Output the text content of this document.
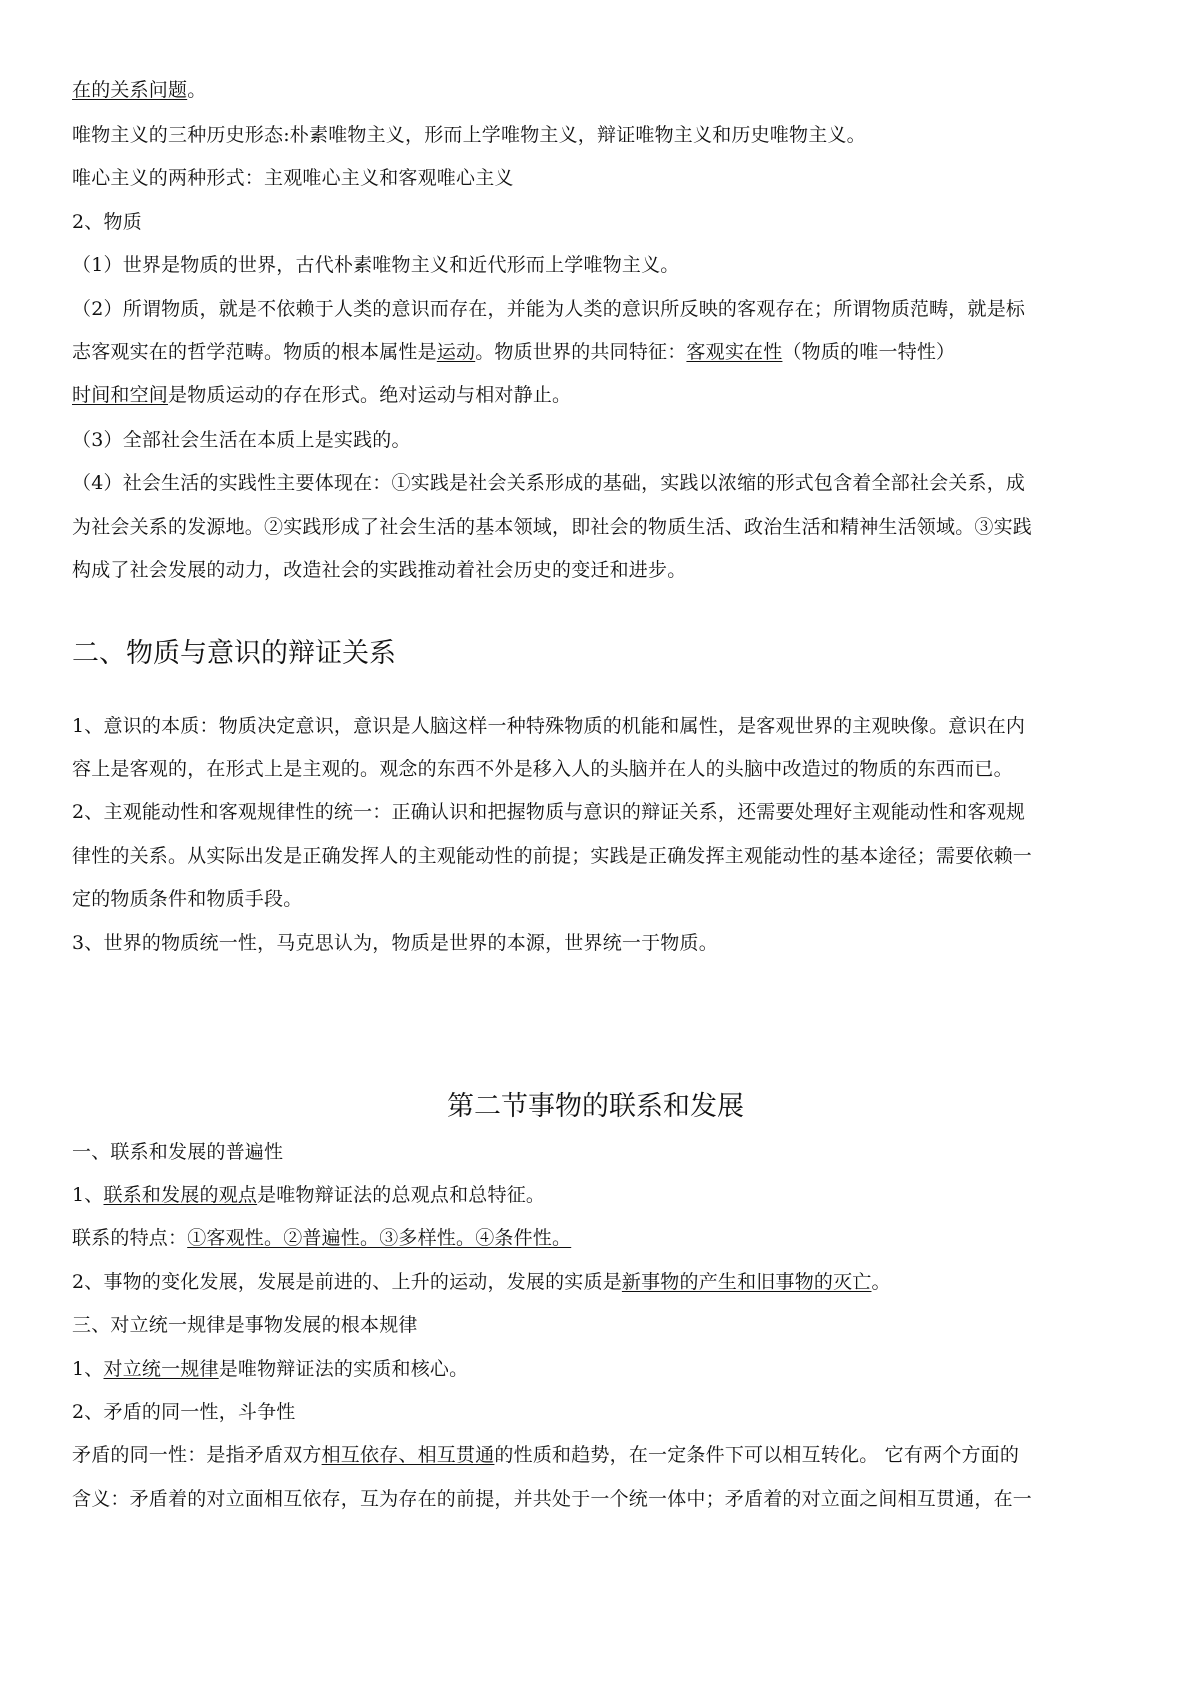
在的关系问题。
唯物主义的三种历史形态:朴素唯物主义，形而上学唯物主义，辩证唯物主义和历史唯物主义。
唯心主义的两种形式：主观唯心主义和客观唯心主义
2、物质
（1）世界是物质的世界，古代朴素唯物主义和近代形而上学唯物主义。
（2）所谓物质，就是不依赖于人类的意识而存在，并能为人类的意识所反映的客观存在；所谓物质范畴，就是标
志客观实在的哲学范畴。物质的根本属性是运动。物质世界的共同特征：客观实在性（物质的唯一特性）
时间和空间是物质运动的存在形式。绝对运动与相对静止。
（3）全部社会生活在本质上是实践的。
（4）社会生活的实践性主要体现在：①实践是社会关系形成的基础，实践以浓缩的形式包含着全部社会关系，成
为社会关系的发源地。②实践形成了社会生活的基本领域，即社会的物质生活、政治生活和精神生活领域。③实践
构成了社会发展的动力，改造社会的实践推动着社会历史的变迁和进步。
二、物质与意识的辩证关系
1、意识的本质：物质决定意识，意识是人脑这样一种特殊物质的机能和属性，是客观世界的主观映像。意识在内
容上是客观的，在形式上是主观的。观念的东西不外是移入人的头脑并在人的头脑中改造过的物质的东西而已。
2、主观能动性和客观规律性的统一：正确认识和把握物质与意识的辩证关系，还需要处理好主观能动性和客观规
律性的关系。从实际出发是正确发挥人的主观能动性的前提；实践是正确发挥主观能动性的基本途径；需要依赖一
定的物质条件和物质手段。
3、世界的物质统一性，马克思认为，物质是世界的本源，世界统一于物质。
第二节事物的联系和发展
一、联系和发展的普遍性
1、联系和发展的观点是唯物辩证法的总观点和总特征。
联系的特点：①客观性。②普遍性。③多样性。④条件性。
2、事物的变化发展，发展是前进的、上升的运动，发展的实质是新事物的产生和旧事物的灭亡。
三、对立统一规律是事物发展的根本规律
1、对立统一规律是唯物辩证法的实质和核心。
2、矛盾的同一性，斗争性
矛盾的同一性：是指矛盾双方相互依存、相互贯通的性质和趋势，在一定条件下可以相互转化。 它有两个方面的
含义：矛盾着的对立面相互依存，互为存在的前提，并共处于一个统一体中；矛盾着的对立面之间相互贯通，在一
